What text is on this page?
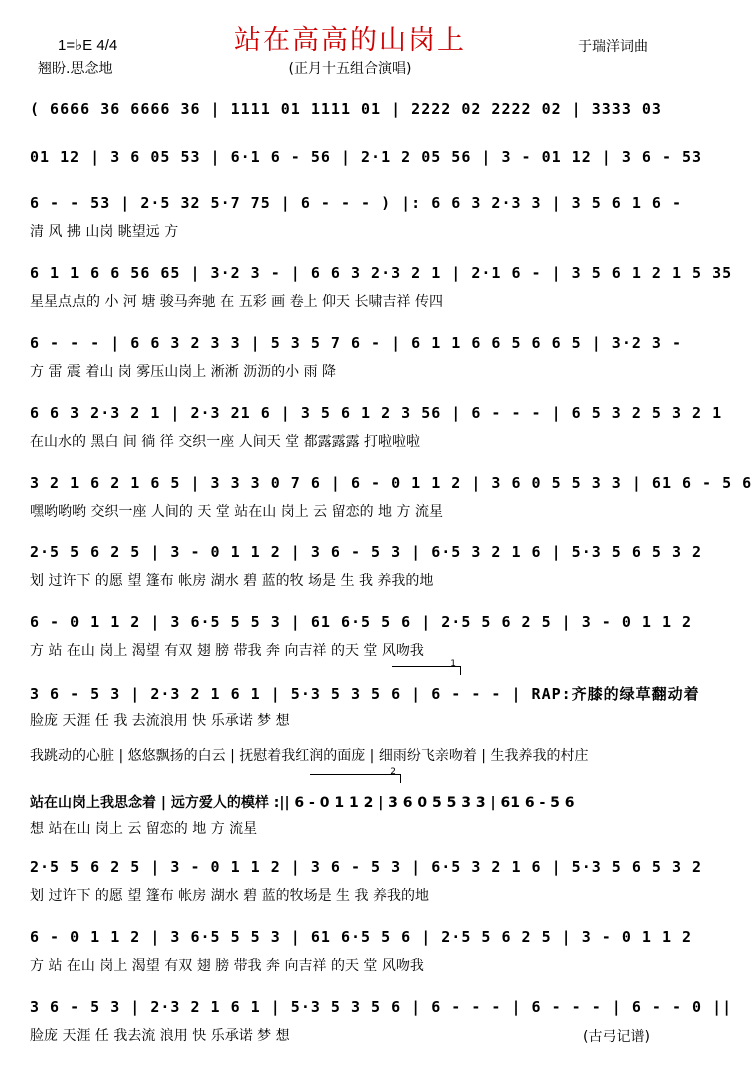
1=♭E 4/4
翘盼.思念地
站在高高的山岗上
(正月十五组合演唱)
于瑞洋词曲
( 6666 36 6666 36 | 1111 01 1111 01 | 2222 02 2222 02 | 3333 03
01 12 | 3 6 05 53 | 6·1 6 - 56 | 2·1 2 05 56 | 3 - 01 12 | 3 6 - 53
6 - - 53 | 2·5 32 5·7 75 | 6 - - - ) |: 6 6 3 2·3 3 | 3 5 6 1 6 -
清 风 拂 山岗 眺望远 方
6 1 1 6 6 56 65 | 3·2 3 - | 6 6 3 2·3 2 1 | 2·1 6 - | 3 5 6 1 2 1 5 35
星星点点的 小 河 塘 骏马奔驰 在 五彩 画 卷上 仰天 长啸吉祥 传四
6 - - - | 6 6 3 2 3 3 | 5 3 5 7 6 - | 6 1 1 6 6 5 6 6 5 | 3·2 3 -
方 雷 震 着山 岗 雾压山岗上 淅淅 沥沥的小 雨 降
6 6 3 2·3 2 1 | 2·3 21 6 | 3 5 6 1 2 3 56 | 6 - - - | 6 5 3 2 5 3 2 1
在山水的 黑白 间 徜 徉 交织一座 人间天 堂 都露露露 打啦啦啦
3 2 1 6 2 1 6 5 | 3 3 3 0 7 6 | 6 - 0 1 1 2 | 3 6 0 5 5 3 3 | 61 6 - 5 6
嘿哟哟哟 交织一座 人间的 天 堂 站在山 岗上 云 留恋的 地 方 流星
2·5 5 6 2 5 | 3 - 0 1 1 2 | 3 6 - 5 3 | 6·5 3 2 1 6 | 5·3 5 6 5 3 2
划 过许下 的愿 望 篷布 帐房 湖水 碧 蓝的牧 场是 生 我 养我的地
6 - 0 1 1 2 | 3 6·5 5 5 3 | 61 6·5 5 6 | 2·5 5 6 2 5 | 3 - 0 1 1 2
方 站 在山 岗上 渴望 有双 翅 膀 带我 奔 向吉祥 的天 堂 风吻我
1
3 6 - 5 3 | 2·3 2 1 6 1 | 5·3 5 3 5 6 | 6 - - - | RAP:齐膝的绿草翻动着
脸庞 天涯 任 我 去流浪用 快 乐承诺 梦 想
我跳动的心脏 | 悠悠飘扬的白云 | 抚慰着我红润的面庞 | 细雨纷飞亲吻着 | 生我养我的村庄
2
站在山岗上我思念着 | 远方爱人的模样 :|| 6 - 0 1 1 2 | 3 6 0 5 5 3 3 | 61 6 - 5 6
想 站在山 岗上 云 留恋的 地 方 流星
2·5 5 6 2 5 | 3 - 0 1 1 2 | 3 6 - 5 3 | 6·5 3 2 1 6 | 5·3 5 6 5 3 2
划 过许下 的愿 望 篷布 帐房 湖水 碧 蓝的牧场是 生 我 养我的地
6 - 0 1 1 2 | 3 6·5 5 5 3 | 61 6·5 5 6 | 2·5 5 6 2 5 | 3 - 0 1 1 2
方 站 在山 岗上 渴望 有双 翅 膀 带我 奔 向吉祥 的天 堂 风吻我
3 6 - 5 3 | 2·3 2 1 6 1 | 5·3 5 3 5 6 | 6 - - - | 6 - - - | 6 - - 0 ||
脸庞 天涯 任 我去流 浪用 快 乐承诺 梦 想	(古弓记谱)
